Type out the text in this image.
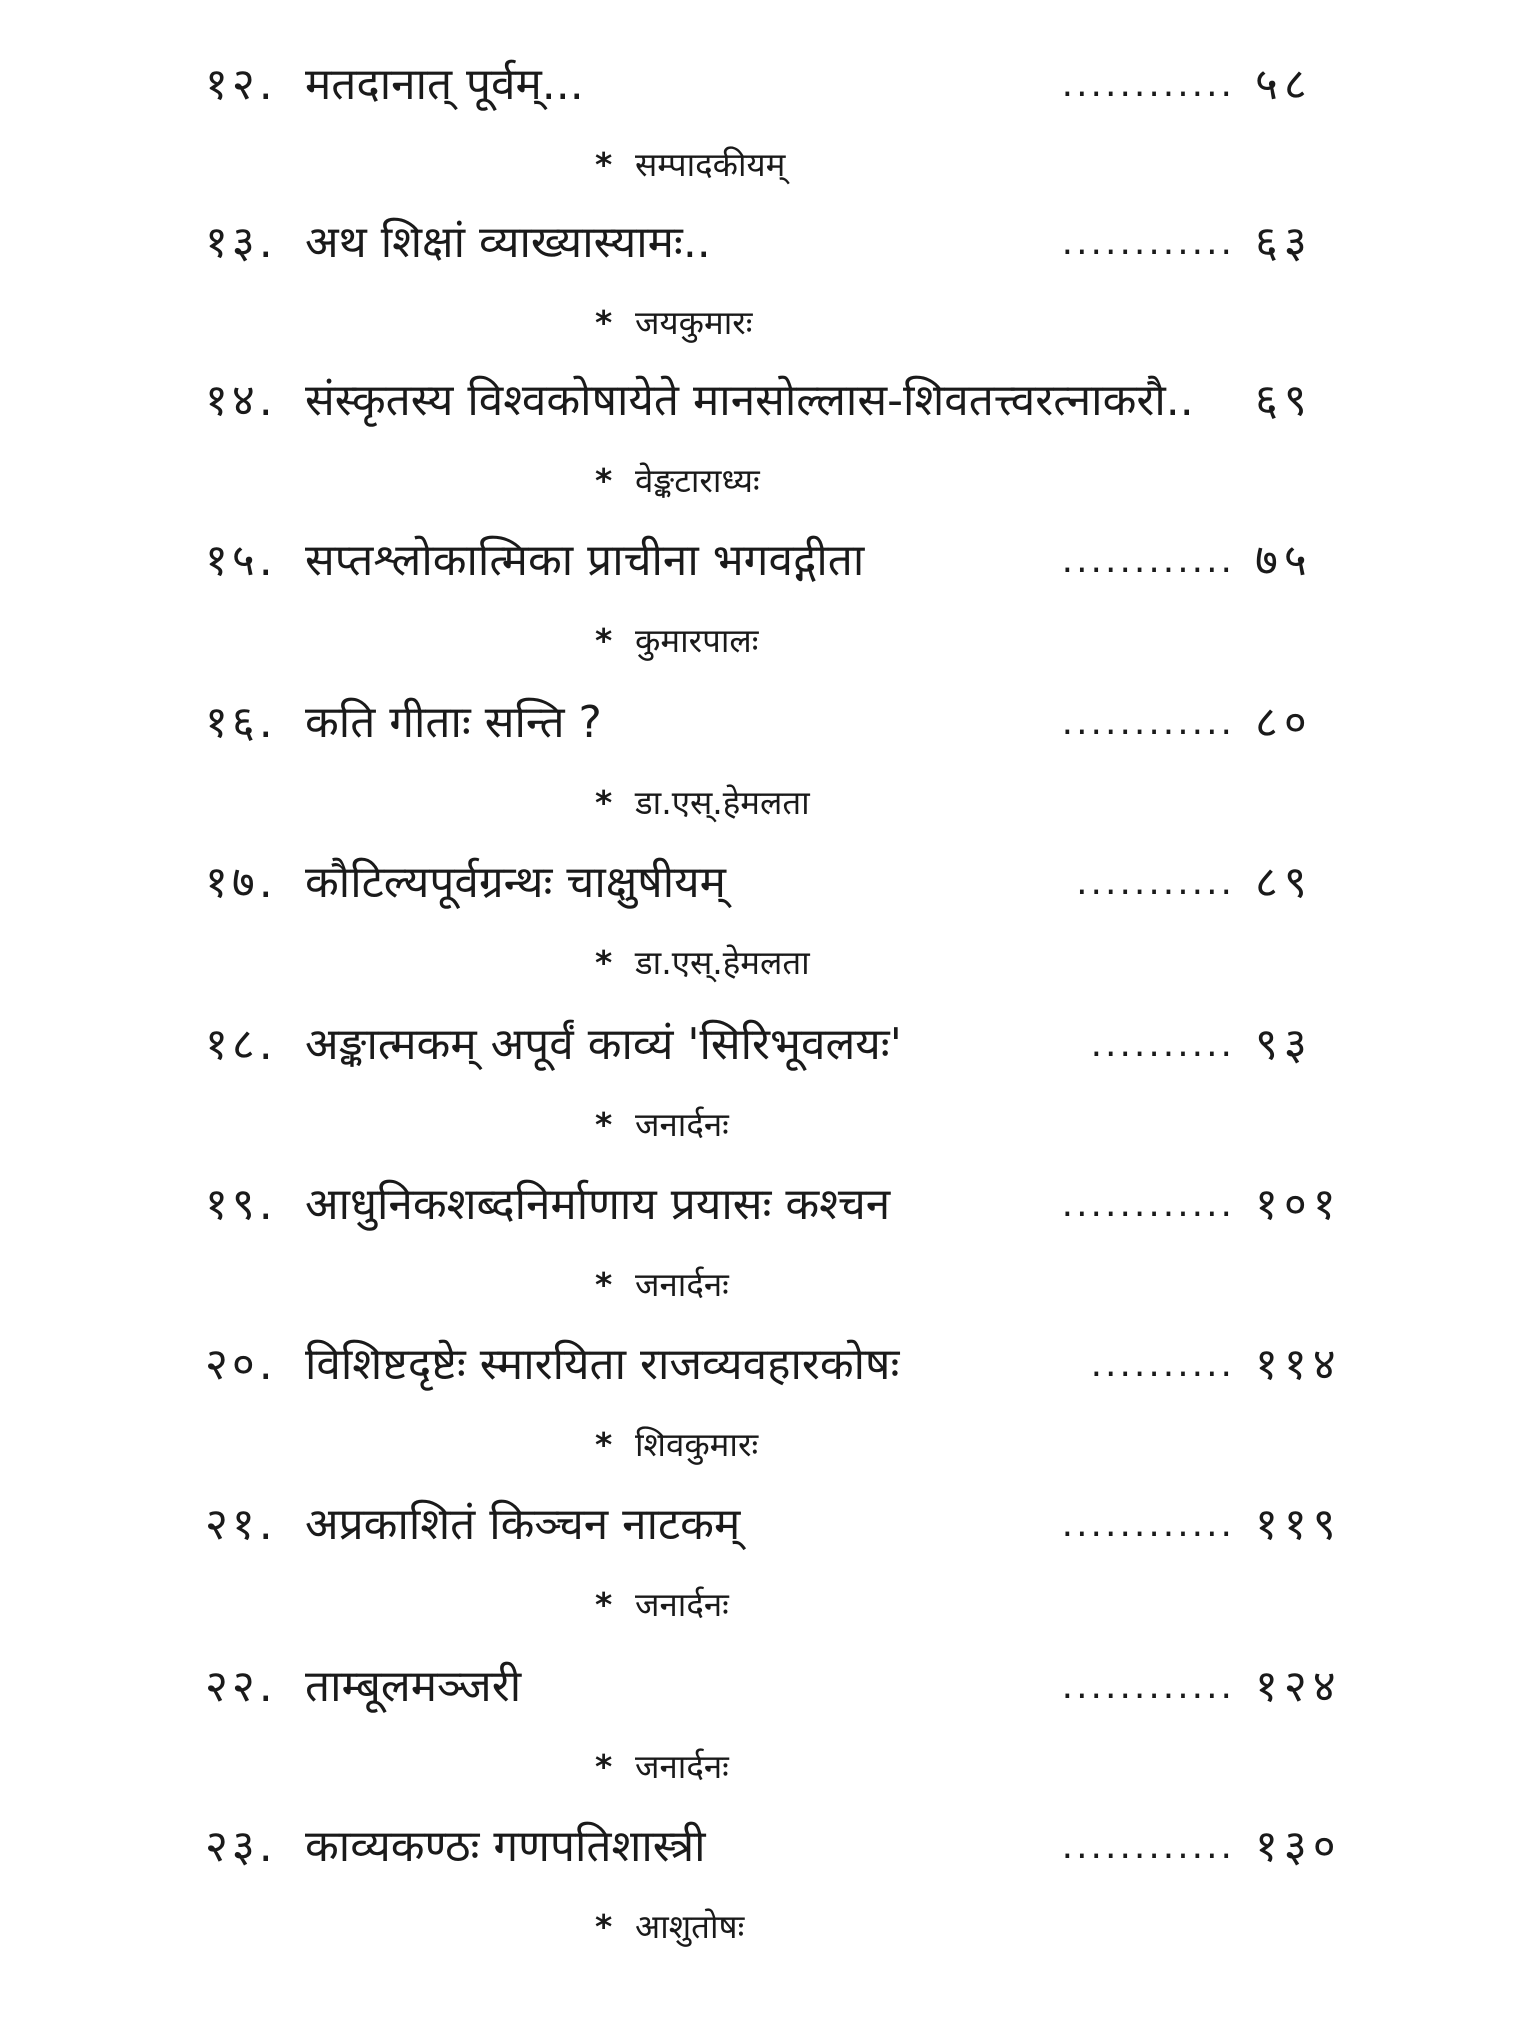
१२. मतदानात् पूर्वम्...	............ ५८
* सम्पादकीयम्
१३. अथ शिक्षां व्याख्यास्यामः..	............ ६३
* जयकुमारः
१४. संस्कृतस्य विश्वकोषायेते मानसोल्लास-शिवतत्त्वरत्नाकरौ.. ६९
* वेङ्कटाराध्यः
१५. सप्तश्लोकात्मिका प्राचीना भगवद्गीता	............ ७५
* कुमारपालः
१६. कति गीताः सन्ति ?	............ ८०
* डा.एस्.हेमलता
१७. कौटिल्यपूर्वग्रन्थः चाक्षुषीयम्	........... ८९
* डा.एस्.हेमलता
१८. अङ्कात्मकम् अपूर्वं काव्यं 'सिरिभूवलयः'	.......... ९३
* जनार्दनः
१९. आधुनिकशब्दनिर्माणाय प्रयासः कश्चन	............ १०१
* जनार्दनः
२०. विशिष्टदृष्टेः स्मारयिता राजव्यवहारकोषः	.......... ११४
* शिवकुमारः
२१. अप्रकाशितं किञ्चन नाटकम्	............ ११९
* जनार्दनः
२२. ताम्बूलमञ्जरी	............ १२४
* जनार्दनः
२३. काव्यकण्ठः गणपतिशास्त्री	............ १३०
* आशुतोषः
